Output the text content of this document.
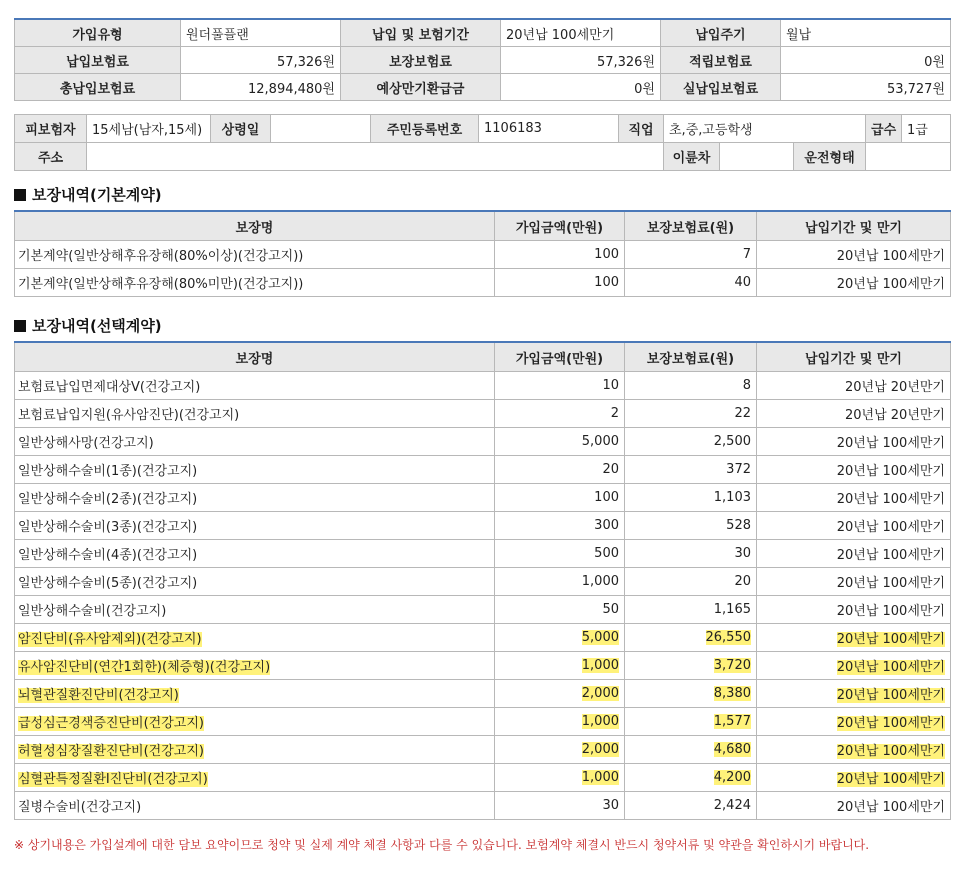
가입유형	원더풀플랜	납입 및 보험기간	20년납 100세만기	납입주기	월납
납입보험료	57,326원	보장보험료	57,326원	적립보험료	0원
총납입보험료	12,894,480원	예상만기환급금	0원	실납입보험료	53,727원
피보험자	15세남(남자,15세)	상령일		주민등록번호	1106183	직업	초,중,고등학생			급수	1급
주소							이륜차		운전형태		
보장내역(기본계약)
보장명	가입금액(만원)	보장보험료(원)	납입기간 및 만기
기본계약(일반상해후유장해(80%이상)(건강고지))	100	7	20년납 100세만기
기본계약(일반상해후유장해(80%미만)(건강고지))	100	40	20년납 100세만기
보장내역(선택계약)
보장명	가입금액(만원)	보장보험료(원)	납입기간 및 만기
보험료납입면제대상Ⅴ(건강고지)	10	8	20년납 20년만기
보험료납입지원(유사암진단)(건강고지)	2	22	20년납 20년만기
일반상해사망(건강고지)	5,000	2,500	20년납 100세만기
일반상해수술비(1종)(건강고지)	20	372	20년납 100세만기
일반상해수술비(2종)(건강고지)	100	1,103	20년납 100세만기
일반상해수술비(3종)(건강고지)	300	528	20년납 100세만기
일반상해수술비(4종)(건강고지)	500	30	20년납 100세만기
일반상해수술비(5종)(건강고지)	1,000	20	20년납 100세만기
일반상해수술비(건강고지)	50	1,165	20년납 100세만기
암진단비(유사암제외)(건강고지)	5,000	26,550	20년납 100세만기
유사암진단비(연간1회한)(체증형)(건강고지)	1,000	3,720	20년납 100세만기
뇌혈관질환진단비(건강고지)	2,000	8,380	20년납 100세만기
급성심근경색증진단비(건강고지)	1,000	1,577	20년납 100세만기
허혈성심장질환진단비(건강고지)	2,000	4,680	20년납 100세만기
심혈관특정질환Ⅰ진단비(건강고지)	1,000	4,200	20년납 100세만기
질병수술비(건강고지)	30	2,424	20년납 100세만기
※ 상기내용은 가입설계에 대한 담보 요약이므로 청약 및 실제 계약 체결 사항과 다를 수 있습니다. 보험계약 체결시 반드시 청약서류 및 약관을 확인하시기 바랍니다.
